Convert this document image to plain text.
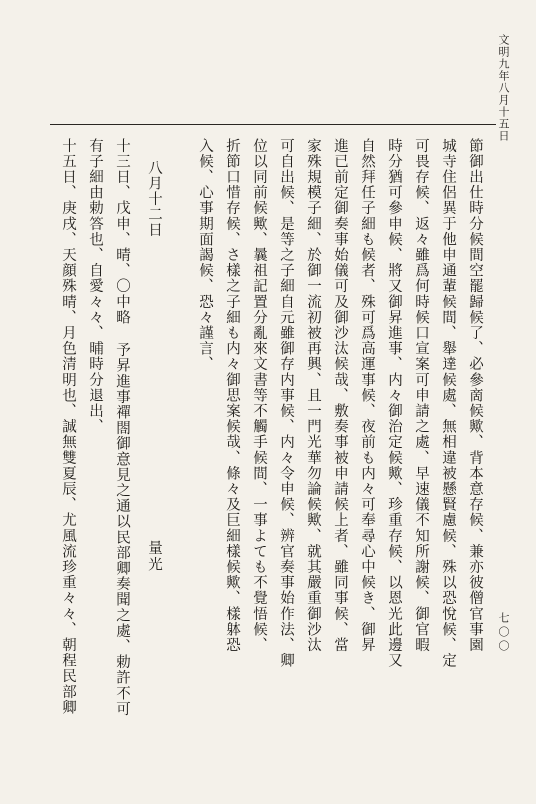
文明九年八月十五日
七〇〇
節御出仕時分候間空罷歸候了、必參啇候歟、背本意存候、兼亦彼僧官事園
城寺住侶異于他申通輩候間、舉達候處、無相違被懸賢慮候、殊以恐悅候、定
可畏存候、返々雖爲何時候口宣案可申請之處、早速儀不知所謝候、御官暇
時分猶可參申候、將又御昇進事、内々御治定候歟、珍重存候、以恩光此邊又
自然拜任子細も候者、殊可爲高運事候、夜前も内々可奉尋心中候き、御昇
進已前定御奏事始儀可及御沙汰候哉、敷奏事被申請候上者、雖同事候、當
家殊規模子細、於御一流初被再興、且一門光華勿論候歟、就其嚴重御沙汰
可自出候、是等之子細自元雖御存内事候、内々令申候、辨官奏事始作法、卿
位以同前候歟、曩祖記置分亂來文書等不觸手候間、一事よても不覺悟候、
折節口惜存候、さ樣之子細も内々御思案候哉、條々及巨細樣候歟、樣躰恐
入候、心事期面謁候、恐々謹言、
八月十二日
量光
十三日、戊申、晴、〇中略 予昇進事禪閤御意見之通以民部卿奏聞之處、勅許不可
有子細由勅答也、自愛々々、晡時分退出、
十五日、庚戌、天顔殊晴、月色清明也、誠無雙夏辰、尤風流珍重々々、朝程民部卿
